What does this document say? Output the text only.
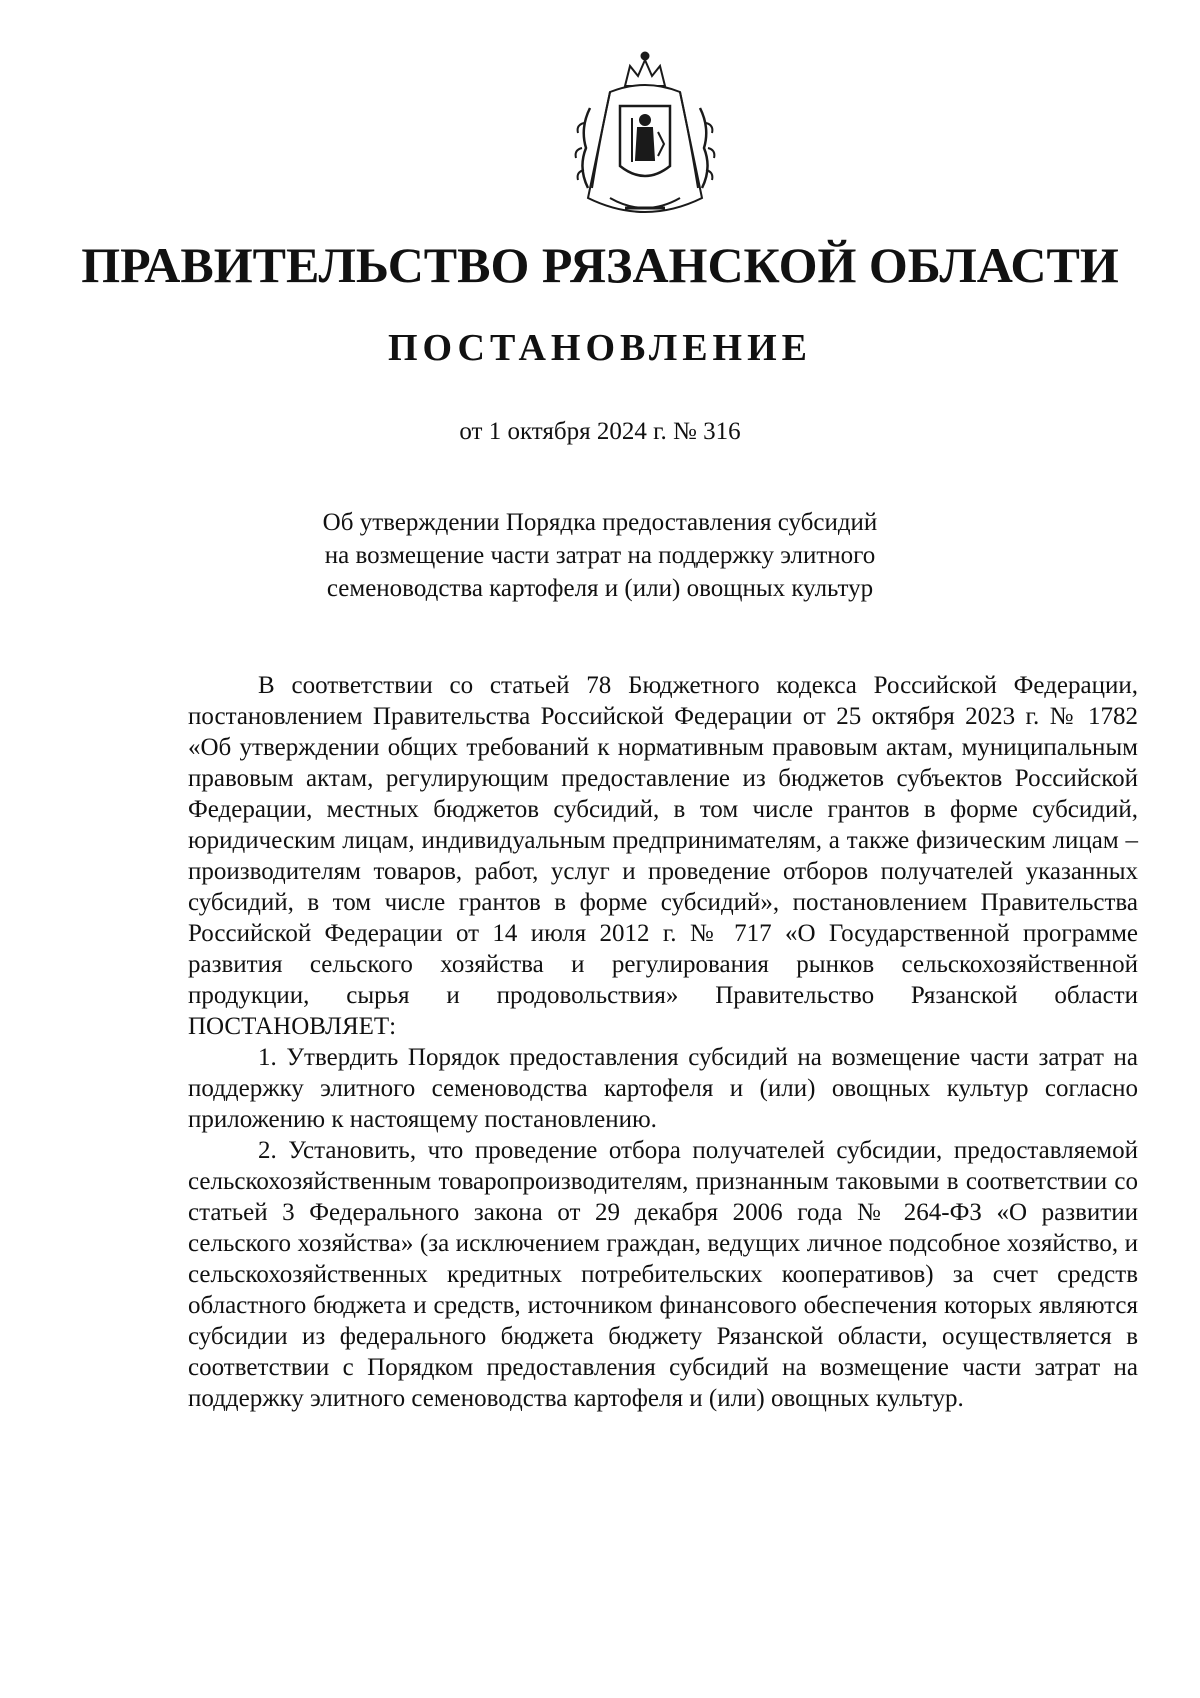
ПРАВИТЕЛЬСТВО РЯЗАНСКОЙ ОБЛАСТИ
ПОСТАНОВЛЕНИЕ
от 1 октября 2024 г. № 316
Об утверждении Порядка предоставления субсидий
на возмещение части затрат на поддержку элитного
семеноводства картофеля и (или) овощных культур

В соответствии со статьей 78 Бюджетного кодекса Российской Федерации, постановлением Правительства Российской Федерации от 25 октября 2023 г. № 1782 «Об утверждении общих требований к нормативным правовым актам, муниципальным правовым актам, регулирующим предоставление из бюджетов субъектов Российской Федерации, местных бюджетов субсидий, в том числе грантов в форме субсидий, юридическим лицам, индивидуальным предпринимателям, а также физическим лицам – производителям товаров, работ, услуг и проведение отборов получателей указанных субсидий, в том числе грантов в форме субсидий», постановлением Правительства Российской Федерации от 14 июля 2012 г. № 717 «О Государственной программе развития сельского хозяйства и регулирования рынков сельскохозяйственной продукции, сырья и продовольствия» Правительство Рязанской области ПОСТАНОВЛЯЕТ:

1. Утвердить Порядок предоставления субсидий на возмещение части затрат на поддержку элитного семеноводства картофеля и (или) овощных культур согласно приложению к настоящему постановлению.

2. Установить, что проведение отбора получателей субсидии, предоставляемой сельскохозяйственным товаропроизводителям, признанным таковыми в соответствии со статьей 3 Федерального закона от 29 декабря 2006 года № 264-ФЗ «О развитии сельского хозяйства» (за исключением граждан, ведущих личное подсобное хозяйство, и сельскохозяйственных кредитных потребительских кооперативов) за счет средств областного бюджета и средств, источником финансового обеспечения которых являются субсидии из федерального бюджета бюджету Рязанской области, осуществляется в соответствии с Порядком предоставления субсидий на возмещение части затрат на поддержку элитного семеноводства картофеля и (или) овощных культур.
